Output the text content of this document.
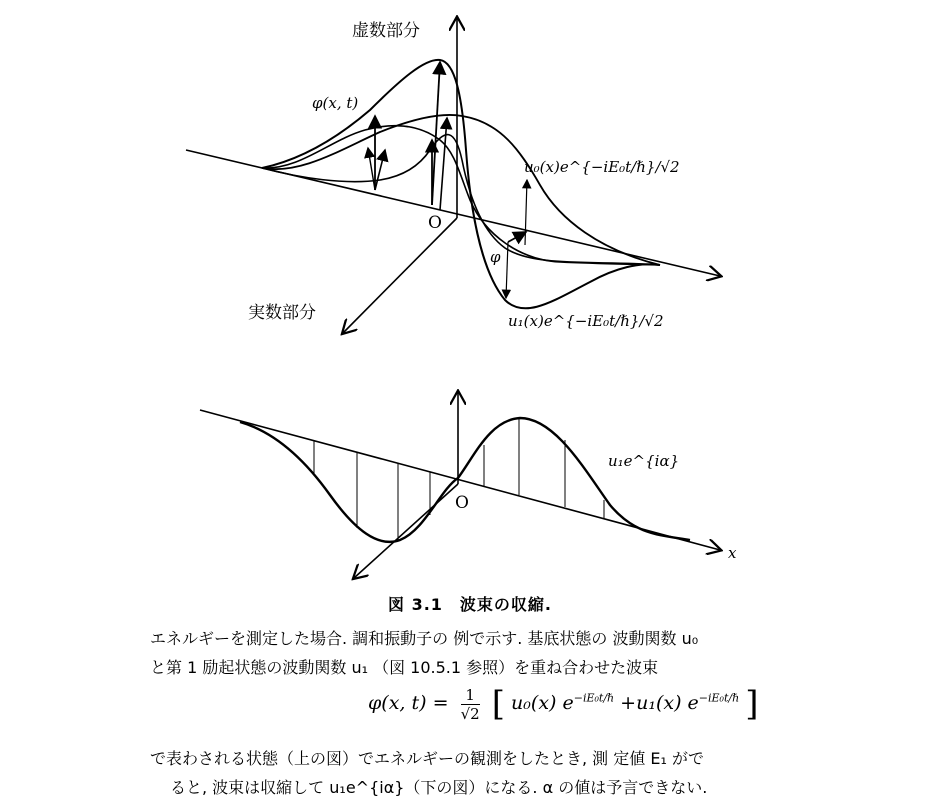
虚数部分
実数部分
φ(x, t)
O
u₀(x)e^{−iE₀t/ℏ}/√2
u₁(x)e^{−iE₀t/ℏ}/√2
φ
O
x
u₁e^{iα}
図 3.1　波束の収縮.
エネルギーを測定した場合. 調和振動子の 例で示す. 基底状態の 波動関数 u₀
と第 1 励起状態の波動関数 u₁ （図 10.5.1 参照）を重ね合わせた波束
φ(x, $t) = \frac{1}{√2}$ [ u₀(x) $e^{-iE_0t/\hbar} +u_1(x)$ $e^{-iE_0t/\hbar}$ ]
で表わされる状態（上の図）でエネルギーの観測をしたとき, 測 定値 E₁ がで
ると, 波束は収縮して u₁e^{iα}（下の図）になる. α の値は予言できない.
